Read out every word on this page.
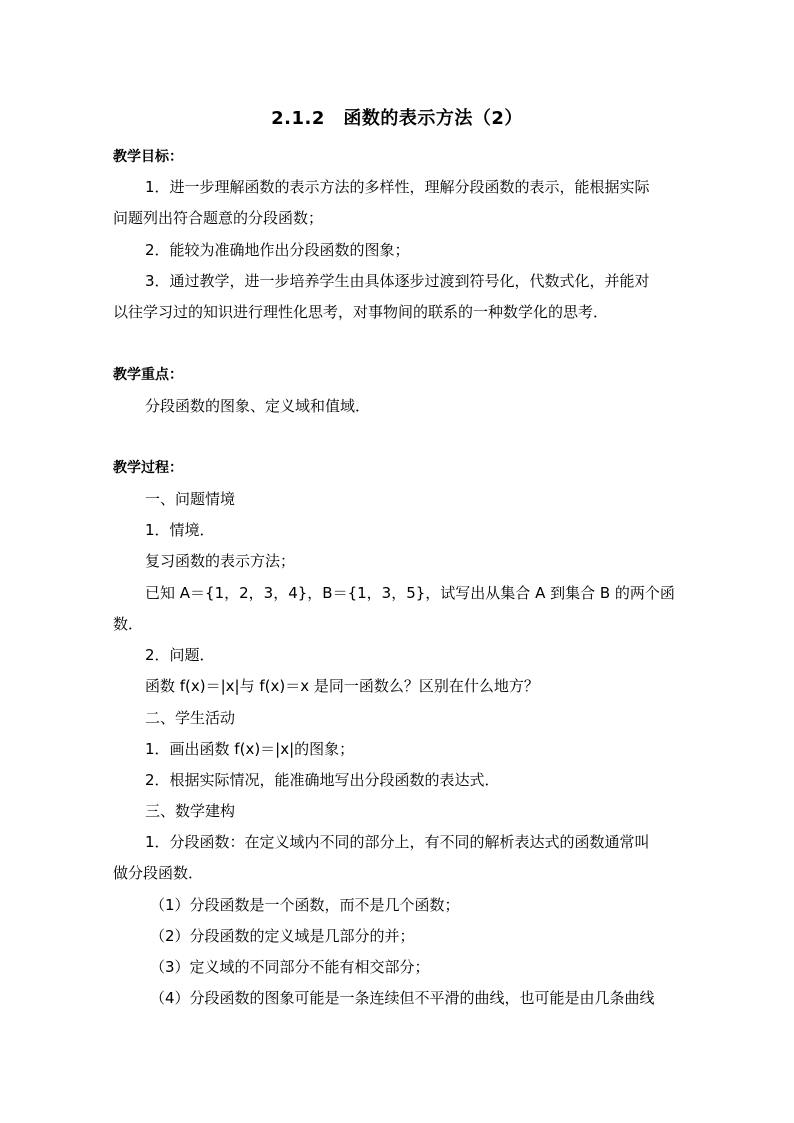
2.1.2　函数的表示方法（2）
教学目标：
1．进一步理解函数的表示方法的多样性，理解分段函数的表示，能根据实际
问题列出符合题意的分段函数；
2．能较为准确地作出分段函数的图象；
3．通过教学，进一步培养学生由具体逐步过渡到符号化，代数式化，并能对
以往学习过的知识进行理性化思考，对事物间的联系的一种数学化的思考．
教学重点：
分段函数的图象、定义域和值域．
教学过程：
一、问题情境
1．情境．
复习函数的表示方法；
已知 A＝{1，2，3，4}，B＝{1，3，5}，试写出从集合 A 到集合 B 的两个函
数．
2．问题．
函数 f(x)＝|x|与 f(x)＝x 是同一函数么？区别在什么地方？
二、学生活动
1．画出函数 f(x)＝|x|的图象；
2．根据实际情况，能准确地写出分段函数的表达式．
三、数学建构
1．分段函数：在定义域内不同的部分上，有不同的解析表达式的函数通常叫
做分段函数．
（1）分段函数是一个函数，而不是几个函数；
（2）分段函数的定义域是几部分的并；
（3）定义域的不同部分不能有相交部分；
（4）分段函数的图象可能是一条连续但不平滑的曲线，也可能是由几条曲线
